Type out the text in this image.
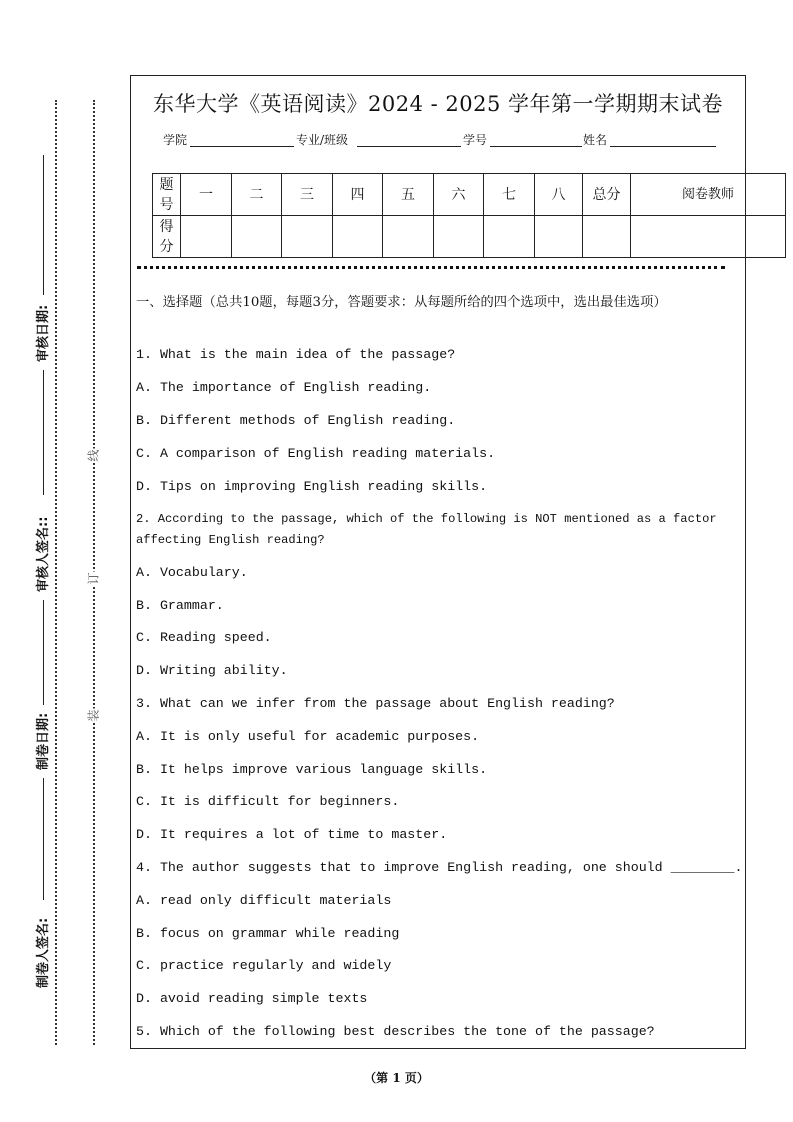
审核日期:
审核人签名::
制卷日期:
制卷人签名:
线
订
装
东华大学《英语阅读》2024 - 2025 学年第一学期期末试卷
学院	专业/班级	学号	姓名
题号	一	二	三	四	五	六	七	八	总分	阅卷教师
得分										
一、选择题（总共10题，每题3分，答题要求：从每题所给的四个选项中，选出最佳选项）
1. What is the main idea of the passage?
A. The importance of English reading.
B. Different methods of English reading.
C. A comparison of English reading materials.
D. Tips on improving English reading skills.
2. According to the passage, which of the following is NOT mentioned as a factor affecting English reading?
A. Vocabulary.
B. Grammar.
C. Reading speed.
D. Writing ability.
3. What can we infer from the passage about English reading?
A. It is only useful for academic purposes.
B. It helps improve various language skills.
C. It is difficult for beginners.
D. It requires a lot of time to master.
4. The author suggests that to improve English reading, one should ________.
A. read only difficult materials
B. focus on grammar while reading
C. practice regularly and widely
D. avoid reading simple texts
5. Which of the following best describes the tone of the passage?
（第 1 页）
